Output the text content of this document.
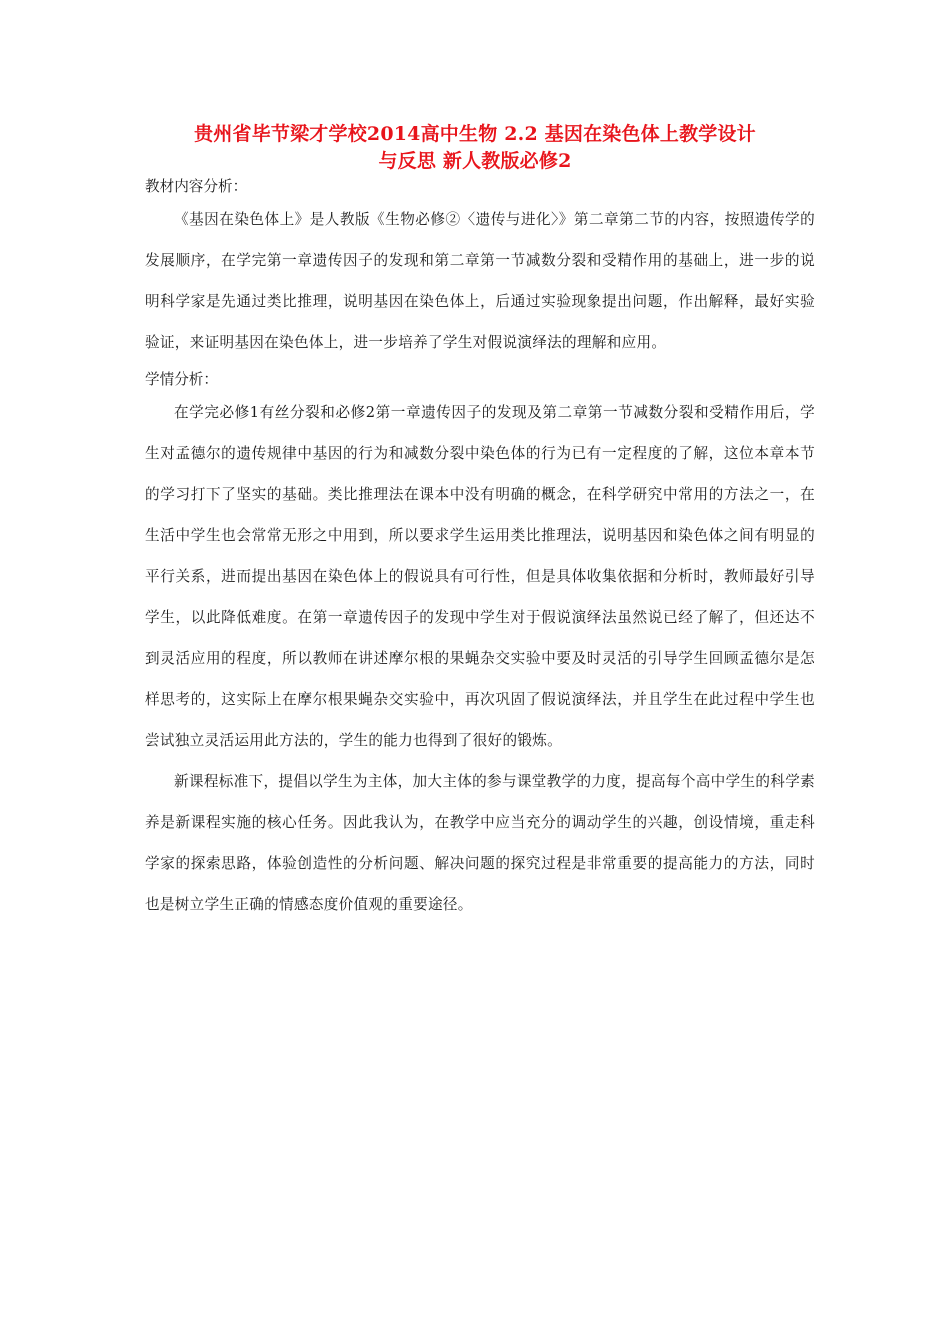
贵州省毕节梁才学校2014高中生物 2.2 基因在染色体上教学设计
与反思 新人教版必修2
教材内容分析：

《基因在染色体上》是人教版《生物必修②〈遗传与进化〉》第二章第二节的内容，按照遗传学的发展顺序，在学完第一章遗传因子的发现和第二章第一节减数分裂和受精作用的基础上，进一步的说明科学家是先通过类比推理，说明基因在染色体上，后通过实验现象提出问题，作出解释，最好实验验证，来证明基因在染色体上，进一步培养了学生对假说演绎法的理解和应用。

学情分析：

在学完必修1有丝分裂和必修2第一章遗传因子的发现及第二章第一节减数分裂和受精作用后，学生对孟德尔的遗传规律中基因的行为和减数分裂中染色体的行为已有一定程度的了解，这位本章本节的学习打下了坚实的基础。类比推理法在课本中没有明确的概念，在科学研究中常用的方法之一，在生活中学生也会常常无形之中用到，所以要求学生运用类比推理法，说明基因和染色体之间有明显的平行关系，进而提出基因在染色体上的假说具有可行性，但是具体收集依据和分析时，教师最好引导学生，以此降低难度。在第一章遗传因子的发现中学生对于假说演绎法虽然说已经了解了，但还达不到灵活应用的程度，所以教师在讲述摩尔根的果蝇杂交实验中要及时灵活的引导学生回顾孟德尔是怎样思考的，这实际上在摩尔根果蝇杂交实验中，再次巩固了假说演绎法，并且学生在此过程中学生也尝试独立灵活运用此方法的，学生的能力也得到了很好的锻炼。

新课程标准下，提倡以学生为主体，加大主体的参与课堂教学的力度，提高每个高中学生的科学素养是新课程实施的核心任务。因此我认为，在教学中应当充分的调动学生的兴趣，创设情境，重走科学家的探索思路，体验创造性的分析问题、解决问题的探究过程是非常重要的提高能力的方法，同时也是树立学生正确的情感态度价值观的重要途径。
